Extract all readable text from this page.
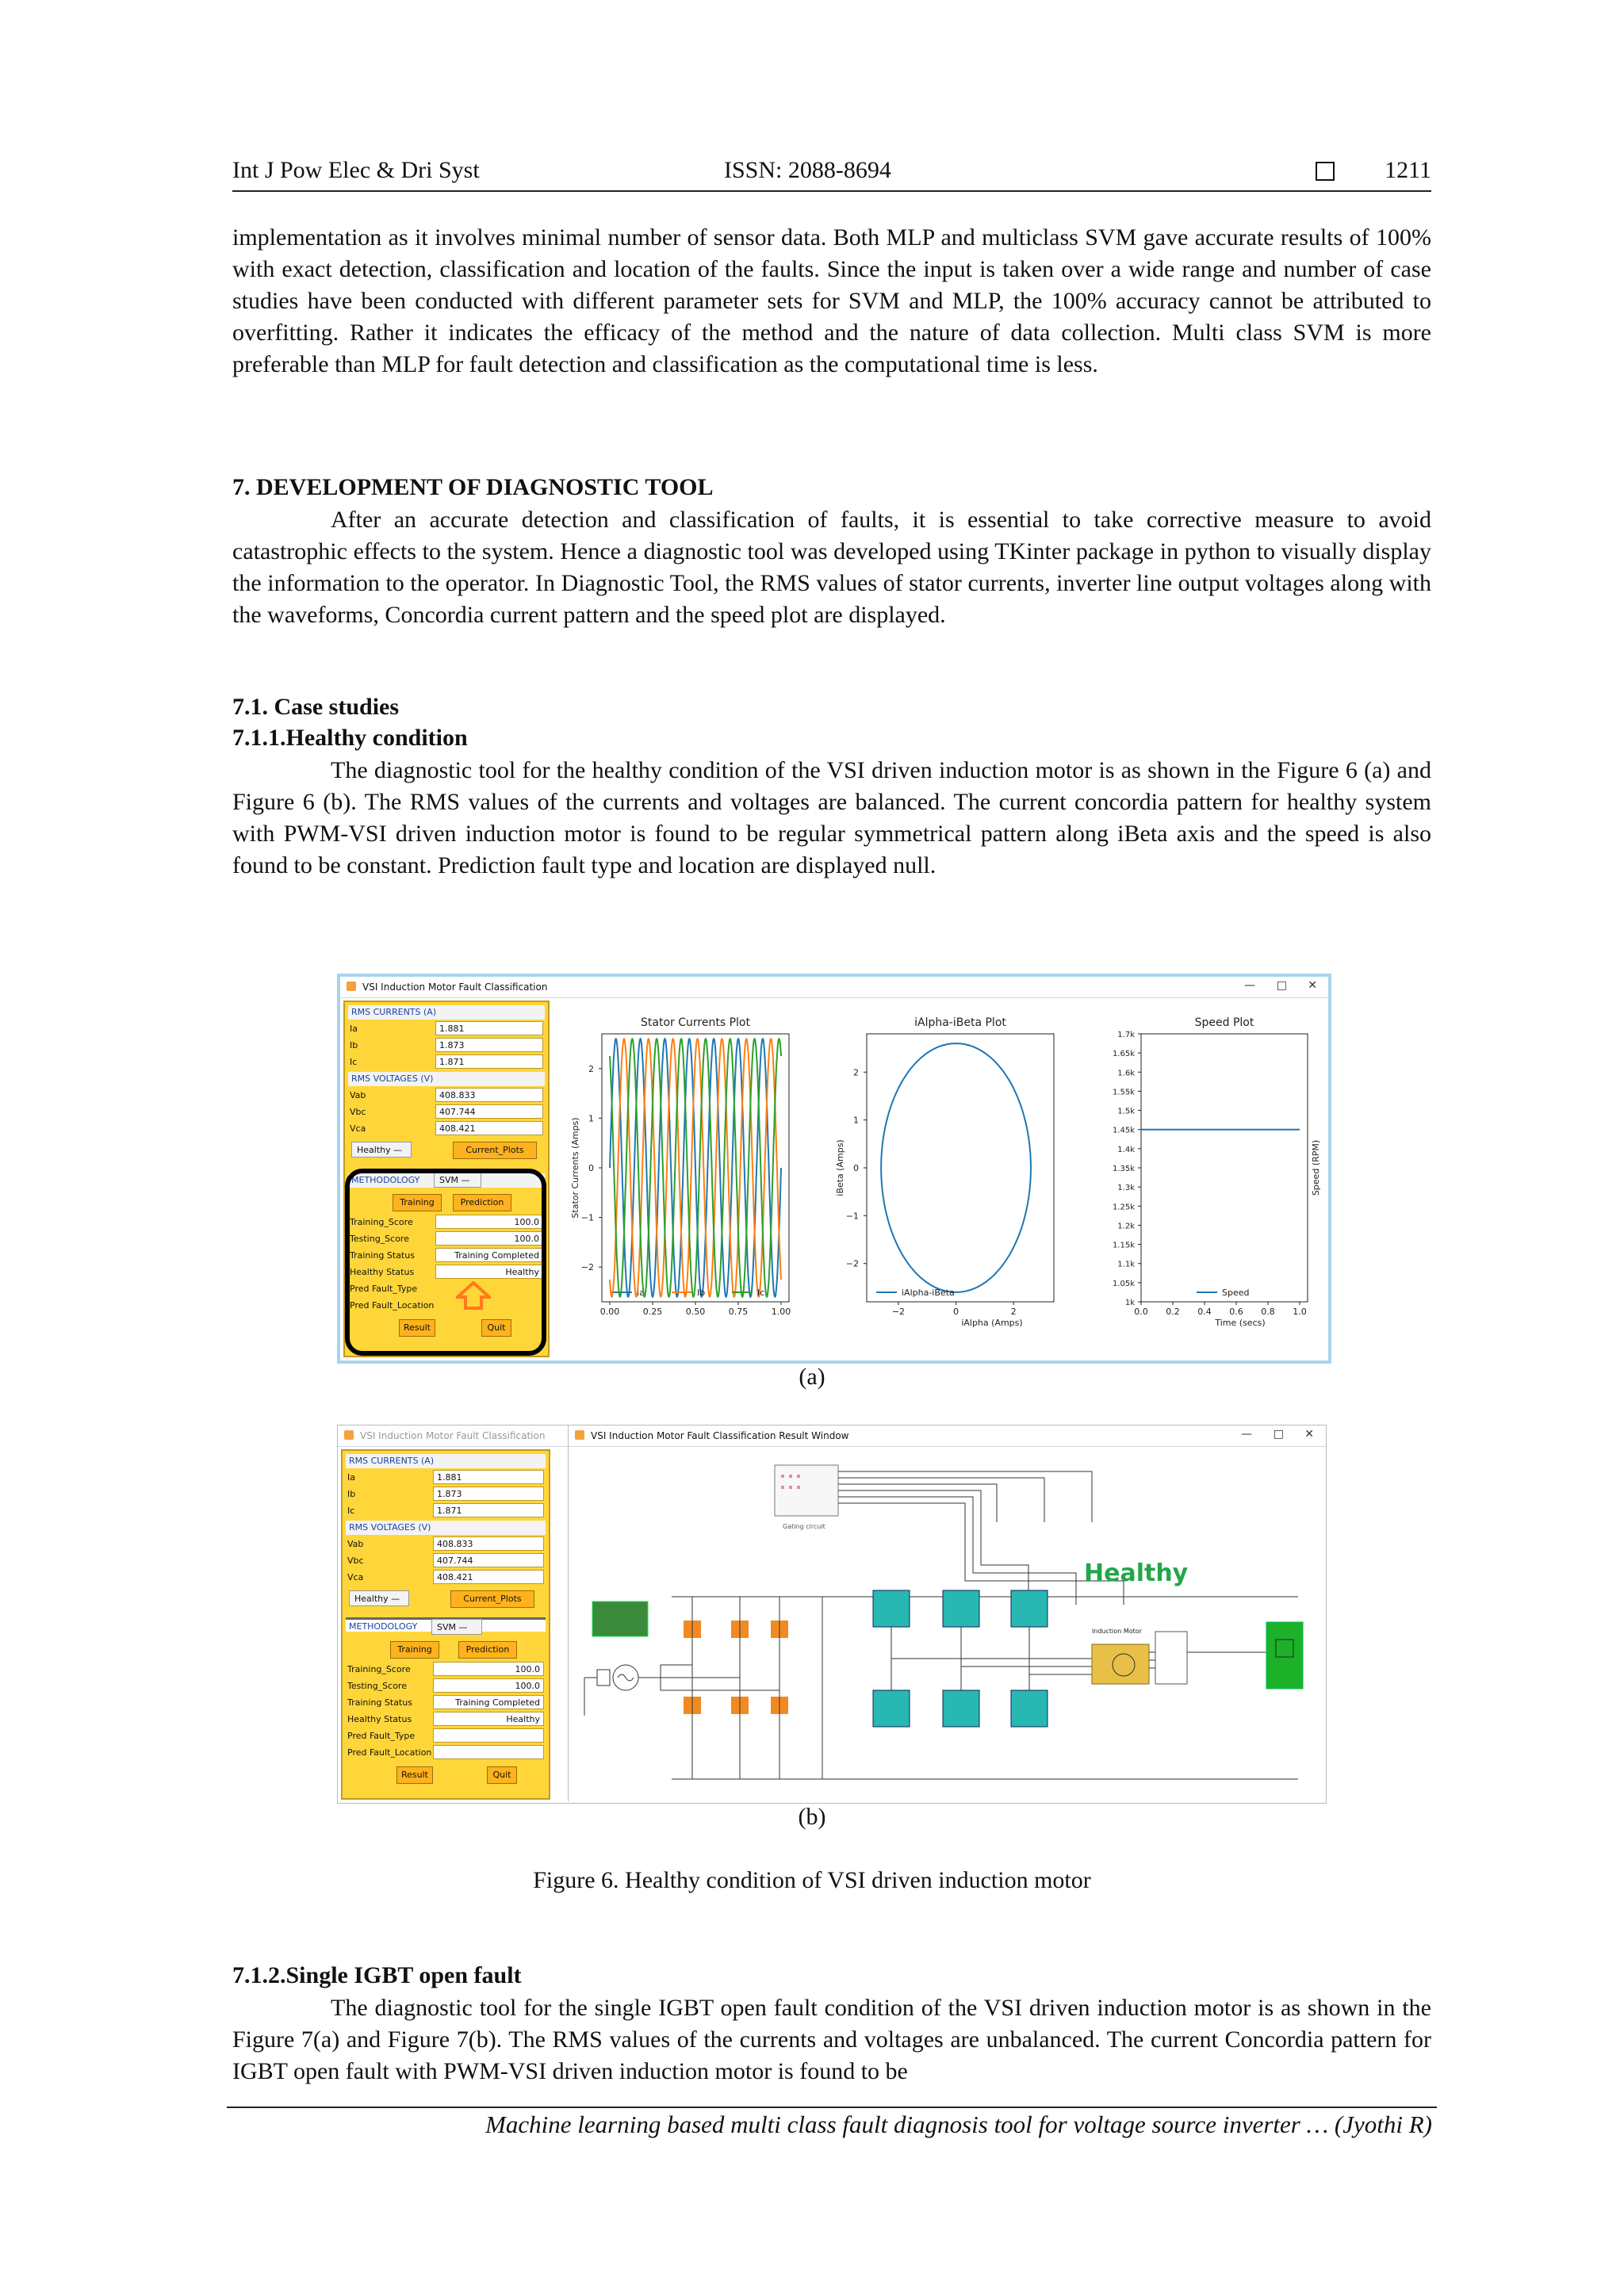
Int J Pow Elec & Dri Syst	ISSN: 2088-8694	1211

implementation as it involves minimal number of sensor data. Both MLP and multiclass SVM gave accurate results of 100% with exact detection, classification and location of the faults. Since the input is taken over a wide range and number of case studies have been conducted with different parameter sets for SVM and MLP, the 100% accuracy cannot be attributed to overfitting. Rather it indicates the efficacy of the method and the nature of data collection. Multi class SVM is more preferable than MLP for fault detection and classification as the computational time is less.

7. DEVELOPMENT OF DIAGNOSTIC TOOL

After an accurate detection and classification of faults, it is essential to take corrective measure to avoid catastrophic effects to the system. Hence a diagnostic tool was developed using TKinter package in python to visually display the information to the operator. In Diagnostic Tool, the RMS values of stator currents, inverter line output voltages along with the waveforms, Concordia current pattern and the speed plot are displayed.

7.1. Case studies

7.1.1.Healthy condition

The diagnostic tool for the healthy condition of the VSI driven induction motor is as shown in the Figure 6 (a) and Figure 6 (b). The RMS values of the currents and voltages are balanced. The current concordia pattern for healthy system with PWM-VSI driven induction motor is found to be regular symmetrical pattern along iBeta axis and the speed is also found to be constant. Prediction fault type and location are displayed null.

VSI Induction Motor Fault Classification	— □ ✕
RMS CURRENTS (A)
Ia	1.881
Ib	1.873
Ic	1.871
RMS VOLTAGES (V)
Vab	408.833
Vbc	407.744
Vca	408.421
Healthy —	Current_Plots
METHODOLOGY	SVM —
Training	Prediction
Training_Score	100.0
Testing_Score	100.0
Training Status	Training Completed
Healthy Status	Healthy
Pred Fault_Type
Pred Fault_Location
Result	Quit
Stator Currents Plot
Stator Currents (Amps)
2
1
0
−1
−2
0.00	0.25	0.50	0.75	1.00
Ia	Ib	Ic
iAlpha-iBeta Plot
iBeta (Amps)
2
1
0
−1
−2
−2	0	2
iAlpha (Amps)
iAlpha-iBeta
Speed Plot
Speed (RPM)
1.7k
1.65k
1.6k
1.55k
1.5k
1.45k
1.4k
1.35k
1.3k
1.25k
1.2k
1.15k
1.1k
1.05k
1k
0.0 0.2 0.4 0.6 0.8 1.0
Time (secs)
Speed

(a)

VSI Induction Motor Fault Classification
RMS CURRENTS (A)
Ia	1.881
Ib	1.873
Ic	1.871
RMS VOLTAGES (V)
Vab	408.833
Vbc	407.744
Vca	408.421
Healthy —	Current_Plots
METHODOLOGY	SVM —
Training	Prediction
Training_Score	100.0
Testing_Score	100.0
Training Status	Training Completed
Healthy Status	Healthy
Pred Fault_Type
Pred Fault_Location
Result	Quit
VSI Induction Motor Fault Classification Result Window	— □ ✕
Gating circuit
Induction Motor
Healthy

(b)

Figure 6. Healthy condition of VSI driven induction motor

7.1.2.Single IGBT open fault

The diagnostic tool for the single IGBT open fault condition of the VSI driven induction motor is as shown in the Figure 7(a) and Figure 7(b). The RMS values of the currents and voltages are unbalanced. The current Concordia pattern for IGBT open fault with PWM-VSI driven induction motor is found to be

Machine learning based multi class fault diagnosis tool for voltage source inverter … (Jyothi R)
